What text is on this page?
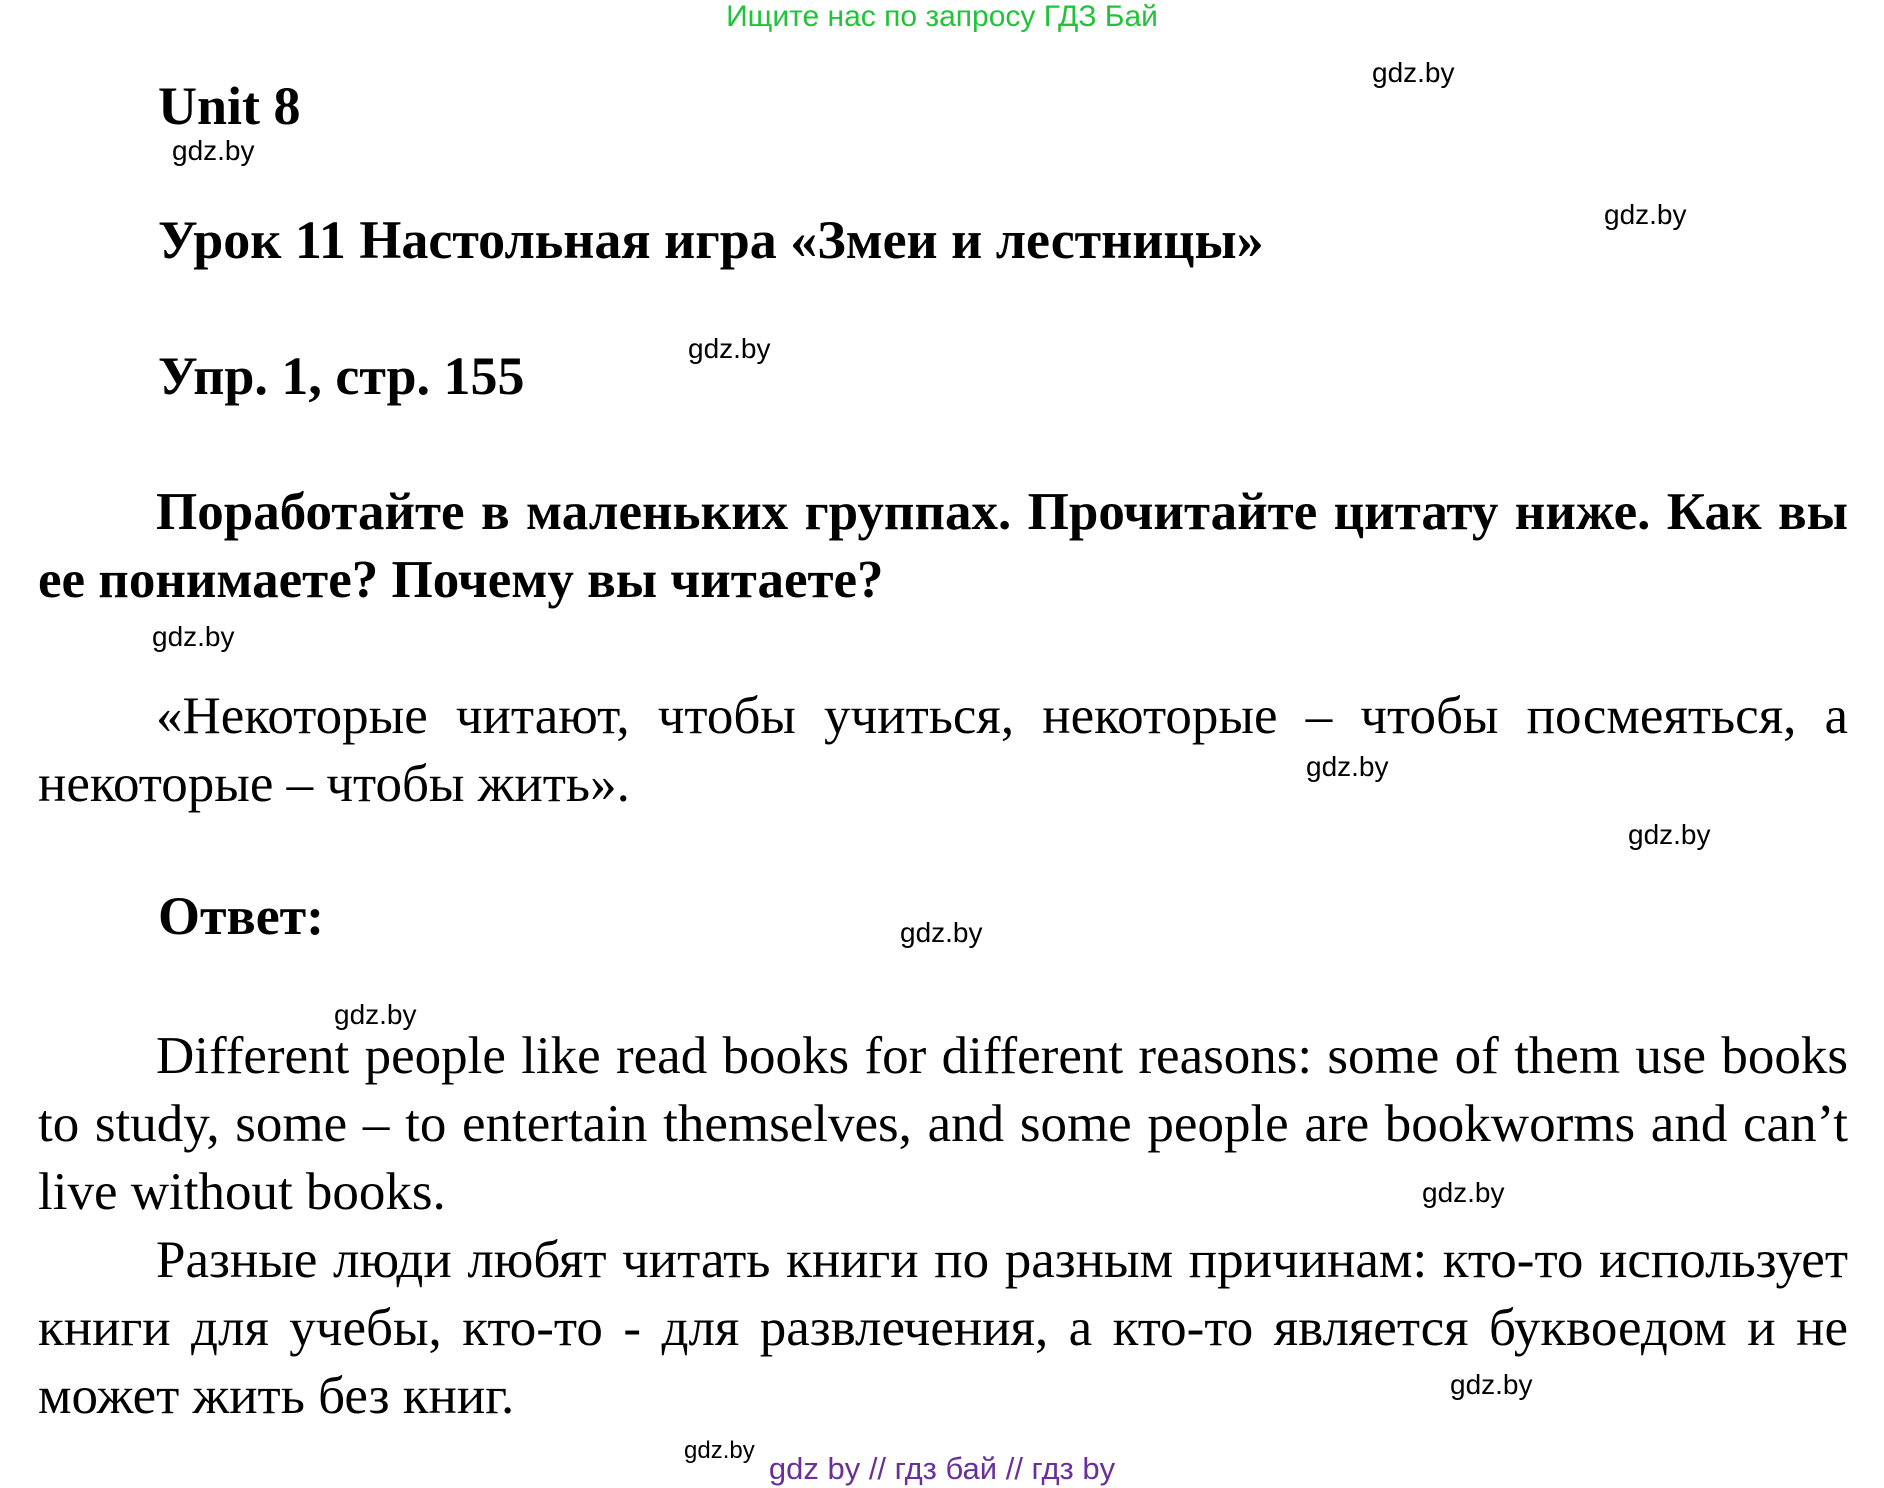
Ищите нас по запросу ГДЗ Бай
Unit 8
Урок 11 Настольная игра «Змеи и лестницы»
Упр. 1, стр. 155
Поработайте в маленьких группах. Прочитайте цитату ниже. Как вы ее понимаете? Почему вы читаете?
«Некоторые читают, чтобы учиться, некоторые – чтобы посмеяться, а некоторые – чтобы жить».
Ответ:
Different people like read books for different reasons: some of them use books to study, some – to entertain themselves, and some people are bookworms and can’t live without books.
Разные люди любят читать книги по разным причинам: кто-то использует книги для учебы, кто-то - для развлечения, а кто-то является буквоедом и не может жить без книг.
gdz.by
gdz.by
gdz.by
gdz.by
gdz.by
gdz.by
gdz.by
gdz.by
gdz.by
gdz.by
gdz.by
gdz.by
gdz by // гдз бай // гдз by
